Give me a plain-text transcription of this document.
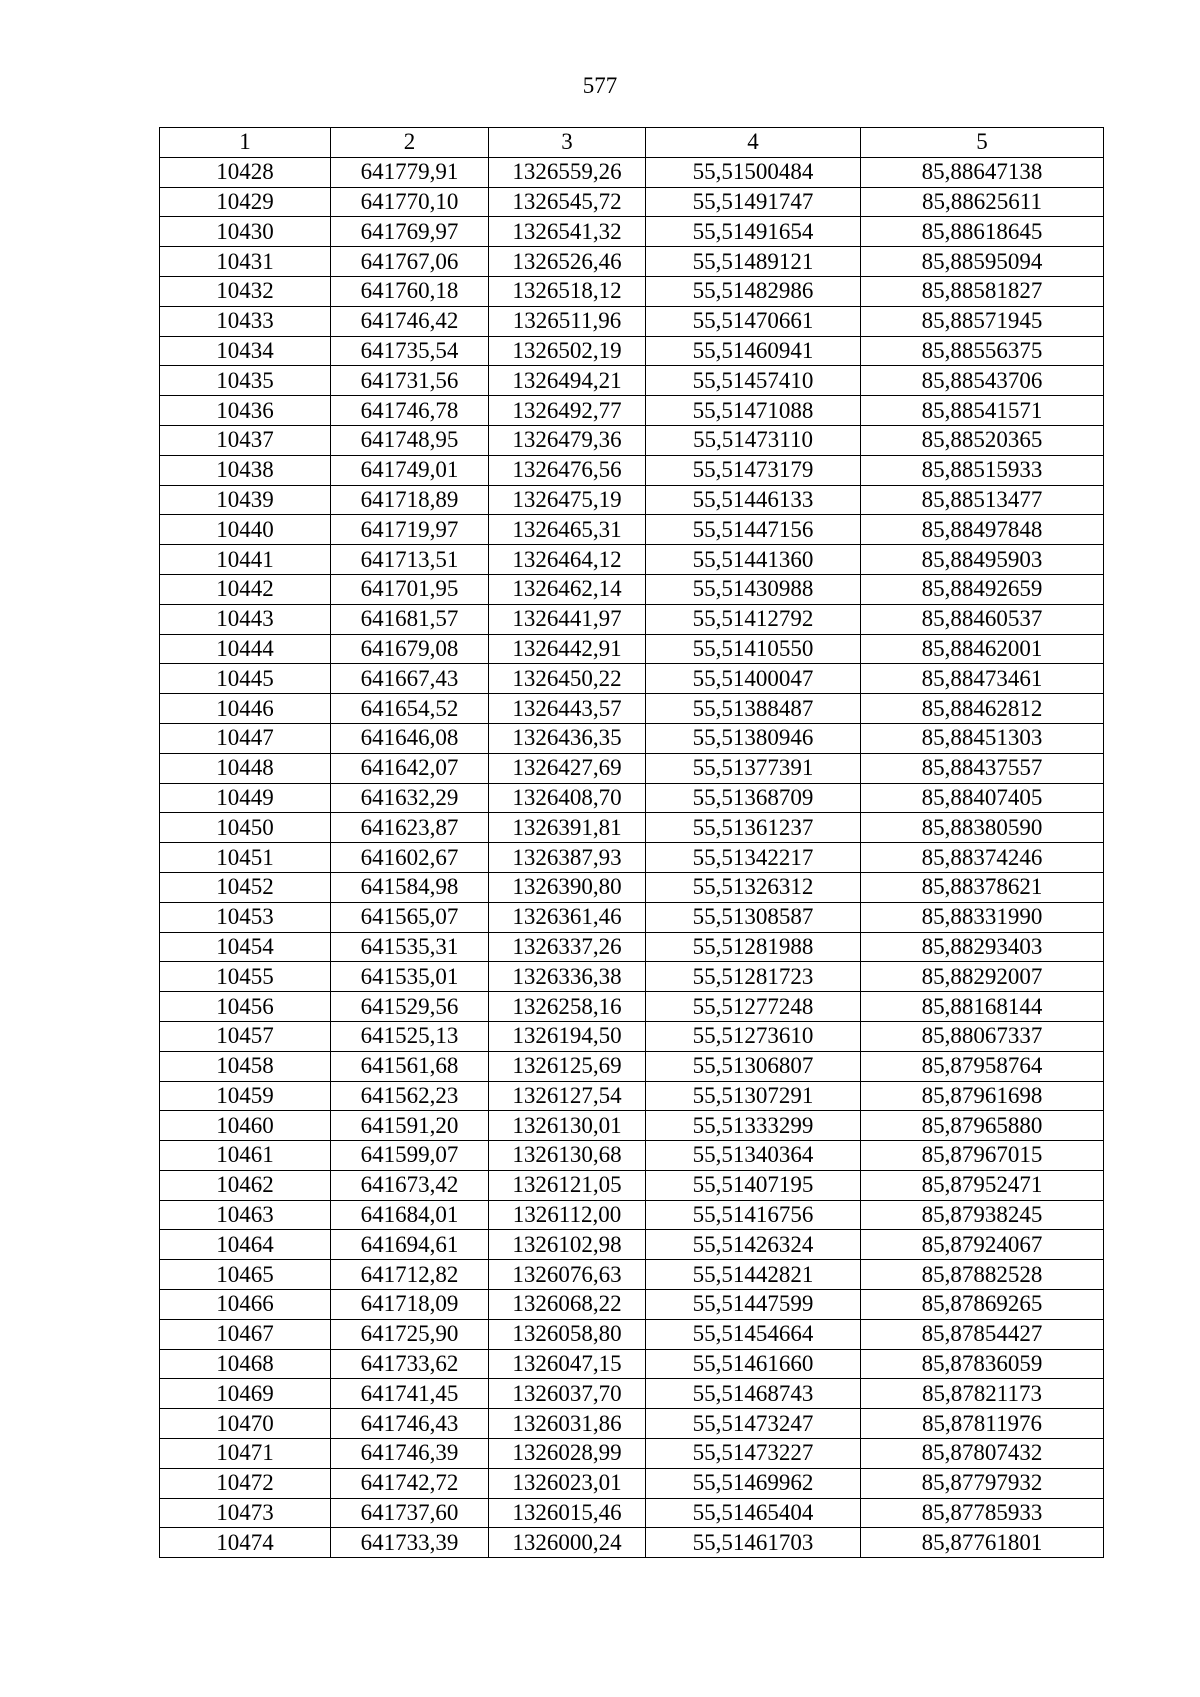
577
1	2	3	4	5
10428	641779,91	1326559,26	55,51500484	85,88647138
10429	641770,10	1326545,72	55,51491747	85,88625611
10430	641769,97	1326541,32	55,51491654	85,88618645
10431	641767,06	1326526,46	55,51489121	85,88595094
10432	641760,18	1326518,12	55,51482986	85,88581827
10433	641746,42	1326511,96	55,51470661	85,88571945
10434	641735,54	1326502,19	55,51460941	85,88556375
10435	641731,56	1326494,21	55,51457410	85,88543706
10436	641746,78	1326492,77	55,51471088	85,88541571
10437	641748,95	1326479,36	55,51473110	85,88520365
10438	641749,01	1326476,56	55,51473179	85,88515933
10439	641718,89	1326475,19	55,51446133	85,88513477
10440	641719,97	1326465,31	55,51447156	85,88497848
10441	641713,51	1326464,12	55,51441360	85,88495903
10442	641701,95	1326462,14	55,51430988	85,88492659
10443	641681,57	1326441,97	55,51412792	85,88460537
10444	641679,08	1326442,91	55,51410550	85,88462001
10445	641667,43	1326450,22	55,51400047	85,88473461
10446	641654,52	1326443,57	55,51388487	85,88462812
10447	641646,08	1326436,35	55,51380946	85,88451303
10448	641642,07	1326427,69	55,51377391	85,88437557
10449	641632,29	1326408,70	55,51368709	85,88407405
10450	641623,87	1326391,81	55,51361237	85,88380590
10451	641602,67	1326387,93	55,51342217	85,88374246
10452	641584,98	1326390,80	55,51326312	85,88378621
10453	641565,07	1326361,46	55,51308587	85,88331990
10454	641535,31	1326337,26	55,51281988	85,88293403
10455	641535,01	1326336,38	55,51281723	85,88292007
10456	641529,56	1326258,16	55,51277248	85,88168144
10457	641525,13	1326194,50	55,51273610	85,88067337
10458	641561,68	1326125,69	55,51306807	85,87958764
10459	641562,23	1326127,54	55,51307291	85,87961698
10460	641591,20	1326130,01	55,51333299	85,87965880
10461	641599,07	1326130,68	55,51340364	85,87967015
10462	641673,42	1326121,05	55,51407195	85,87952471
10463	641684,01	1326112,00	55,51416756	85,87938245
10464	641694,61	1326102,98	55,51426324	85,87924067
10465	641712,82	1326076,63	55,51442821	85,87882528
10466	641718,09	1326068,22	55,51447599	85,87869265
10467	641725,90	1326058,80	55,51454664	85,87854427
10468	641733,62	1326047,15	55,51461660	85,87836059
10469	641741,45	1326037,70	55,51468743	85,87821173
10470	641746,43	1326031,86	55,51473247	85,87811976
10471	641746,39	1326028,99	55,51473227	85,87807432
10472	641742,72	1326023,01	55,51469962	85,87797932
10473	641737,60	1326015,46	55,51465404	85,87785933
10474	641733,39	1326000,24	55,51461703	85,87761801
